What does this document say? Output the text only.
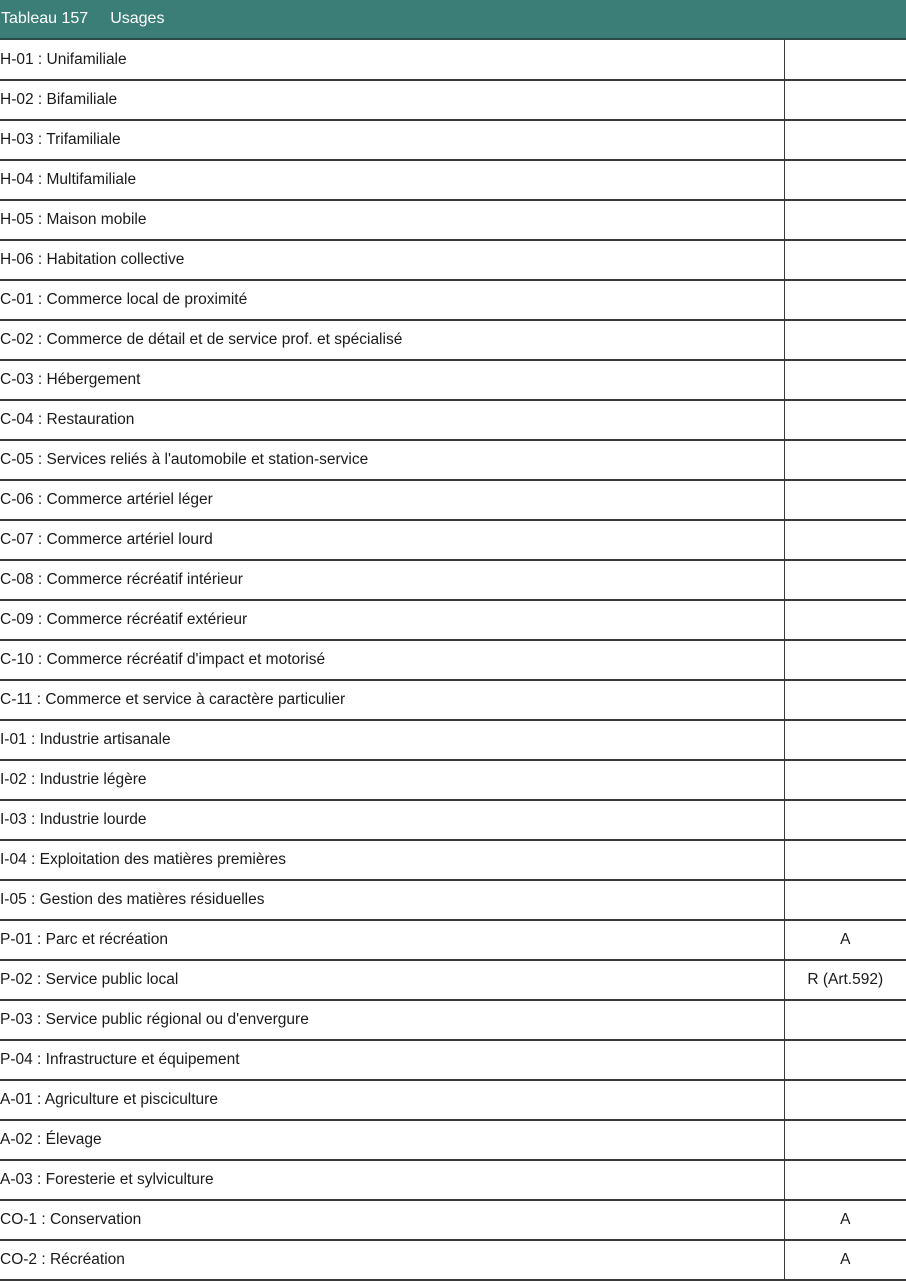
Tableau 157 Usages
H-01 : Unifamiliale	
H-02 : Bifamiliale	
H-03 : Trifamiliale	
H-04 : Multifamiliale	
H-05 : Maison mobile	
H-06 : Habitation collective	
C-01 : Commerce local de proximité	
C-02 : Commerce de détail et de service prof. et spécialisé	
C-03 : Hébergement	
C-04 : Restauration	
C-05 : Services reliés à l'automobile et station-service	
C-06 : Commerce artériel léger	
C-07 : Commerce artériel lourd	
C-08 : Commerce récréatif intérieur	
C-09 : Commerce récréatif extérieur	
C-10 : Commerce récréatif d'impact et motorisé	
C-11 : Commerce et service à caractère particulier	
I-01 : Industrie artisanale	
I-02 : Industrie légère	
I-03 : Industrie lourde	
I-04 : Exploitation des matières premières	
I-05 : Gestion des matières résiduelles	
P-01 : Parc et récréation	A
P-02 : Service public local	R (Art.592)
P-03 : Service public régional ou d'envergure	
P-04 : Infrastructure et équipement	
A-01 : Agriculture et pisciculture	
A-02 : Élevage	
A-03 : Foresterie et sylviculture	
CO-1 : Conservation	A
CO-2 : Récréation	A
